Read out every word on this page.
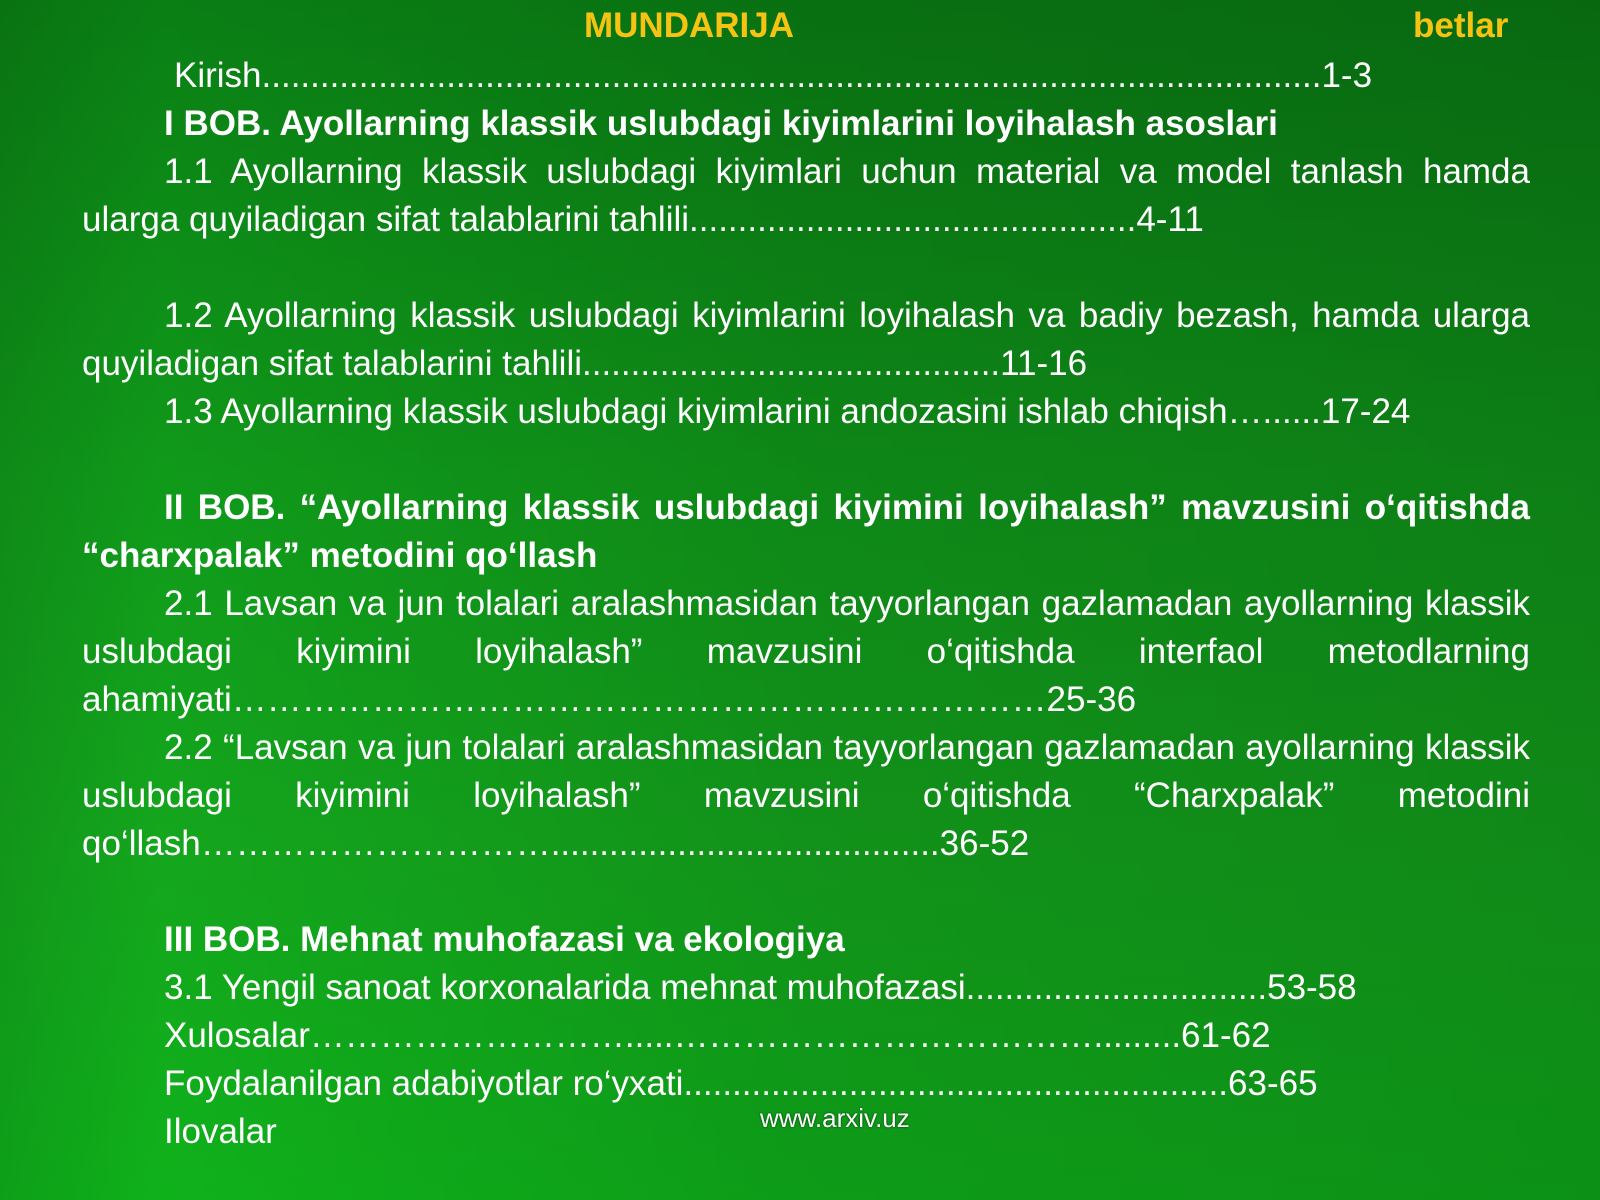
MUNDARIJA	betlar

Kirish.............................................................................................................1-3

I BOB. Ayollarning klassik uslubdagi kiyimlarini loyihalash asoslari

1.1 Ayollarning klassik uslubdagi kiyimlari uchun material va model tanlash hamda ularga quyiladigan sifat talablarini tahlili..............................................4-11

1.2 Ayollarning klassik uslubdagi kiyimlarini loyihalash va badiy bezash, hamda ularga quyiladigan sifat talablarini tahlili...........................................11-16

1.3 Ayollarning klassik uslubdagi kiyimlarini andozasini ishlab chiqish…......17-24

II BOB. “Ayollarning klassik uslubdagi kiyimini loyihalash” mavzusini o‘qitishda “charxpalak” metodini qo‘llash

2.1 Lavsan va jun tolalari aralashmasidan tayyorlangan gazlamadan ayollarning klassik uslubdagi kiyimini loyihalash” mavzusini o‘qitishda interfaol metodlarning ahamiyati……………………………………………….……………25-36

2.2 “Lavsan va jun tolalari aralashmasidan tayyorlangan gazlamadan ayollarning klassik uslubdagi kiyimini loyihalash” mavzusini o‘qitishda “Charxpalak” metodini qo‘llash…………………………........................................36-52

III BOB. Mehnat muhofazasi va ekologiya

3.1 Yengil sanoat korxonalarida mehnat muhofazasi...............................53-58

Xulosalar……………………….....……………………………….........61-62

Foydalanilgan adabiyotlar ro‘yxati........................................................63-65

Ilovalar	www.arxiv.uz
